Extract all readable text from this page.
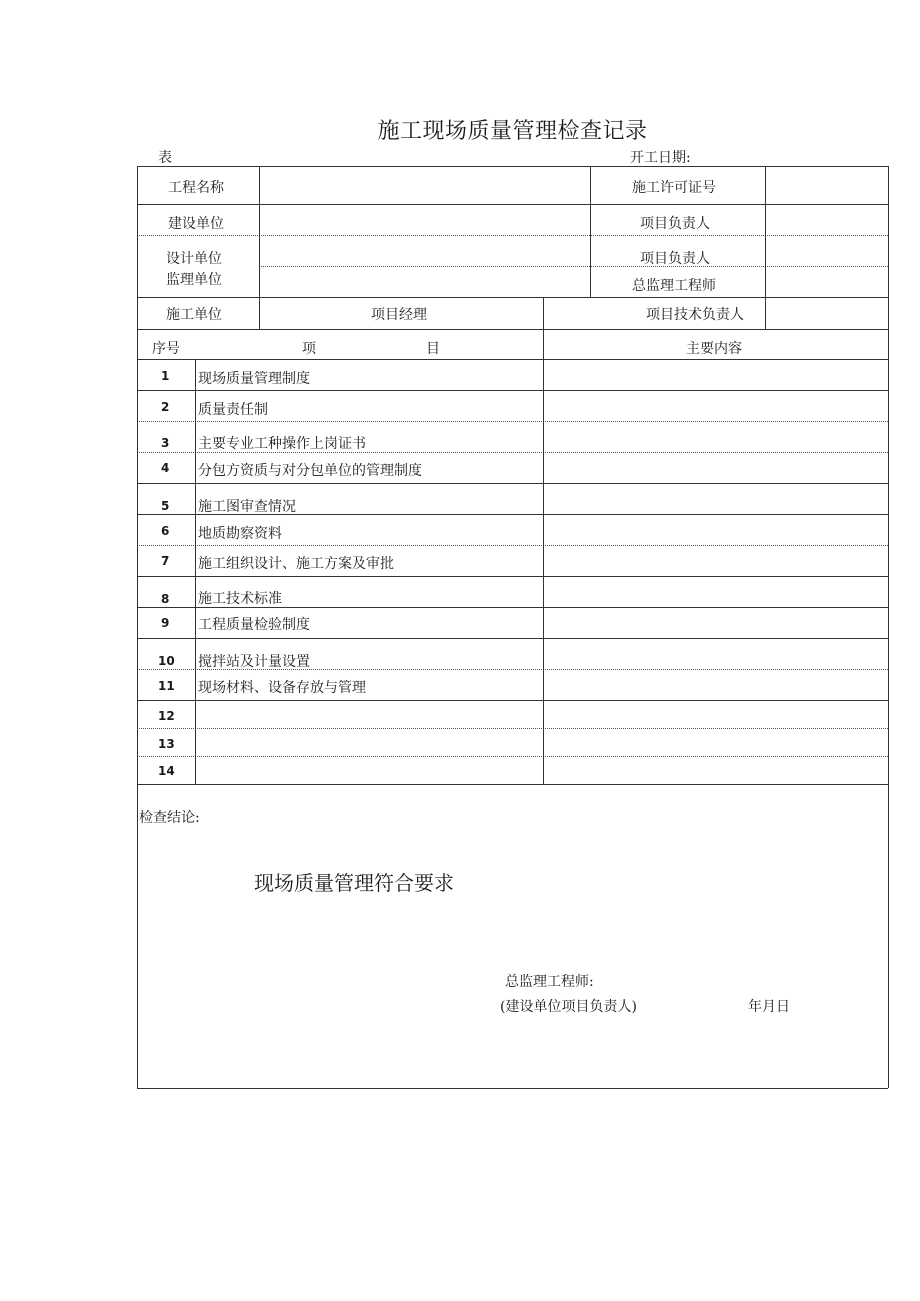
施工现场质量管理检查记录
表	开工日期:
工程名称	施工许可证号
建设单位	项目负责人
设计单位	项目负责人
监理单位	总监理工程师
施工单位	项目经理	项目技术负责人
序号	项	目	主要内容
1 现场质量管理制度
2 质量责任制
3 主要专业工种操作上岗证书
4 分包方资质与对分包单位的管理制度
5 施工图审查情况
6 地质勘察资料
7 施工组织设计、施工方案及审批
8 施工技术标准
9 工程质量检验制度
10 搅拌站及计量设置
11 现场材料、设备存放与管理
12
13
14
检查结论:
现场质量管理符合要求
总监理工程师:
(建设单位项目负责人)	年月日
